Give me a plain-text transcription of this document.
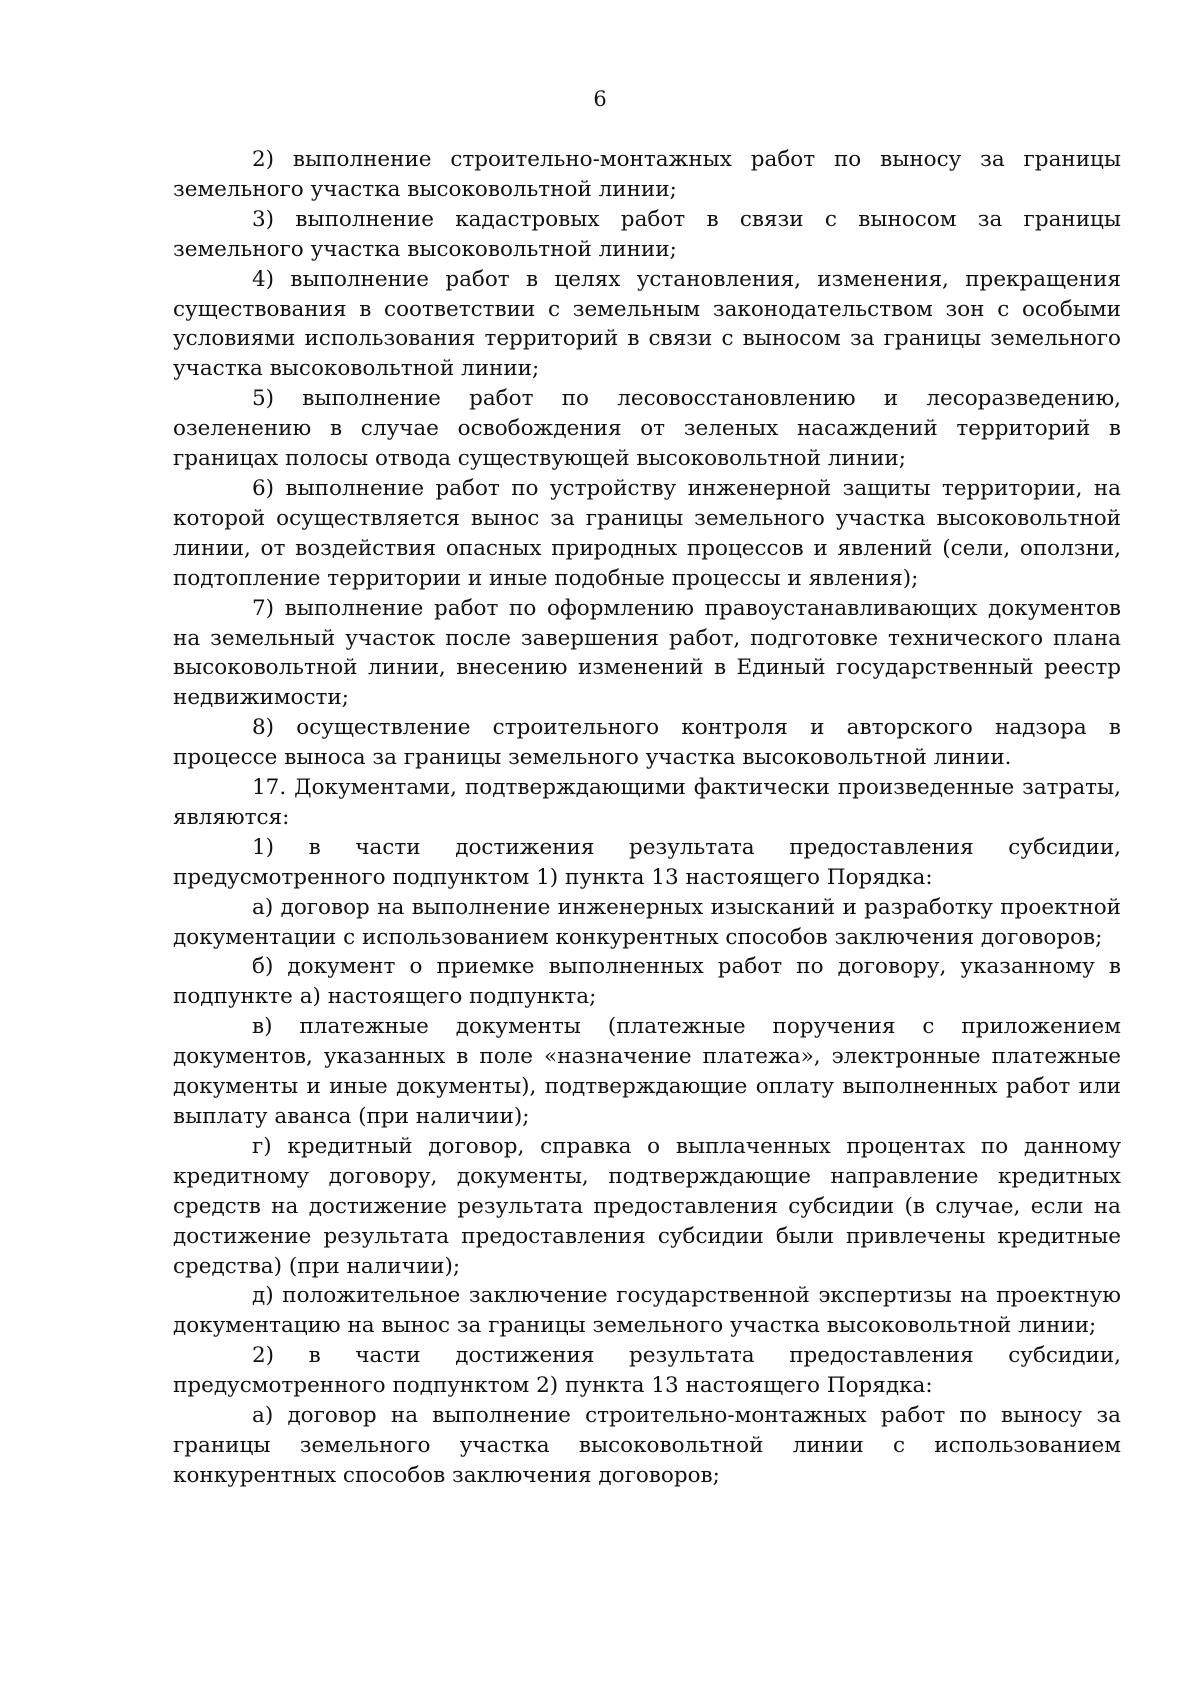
6

2) выполнение строительно-монтажных работ по выносу за границы земельного участка высоковольтной линии;

3) выполнение кадастровых работ в связи с выносом за границы земельного участка высоковольтной линии;

4) выполнение работ в целях установления, изменения, прекращения существования в соответствии с земельным законодательством зон с особыми условиями использования территорий в связи с выносом за границы земельного участка высоковольтной линии;

5) выполнение работ по лесовосстановлению и лесоразведению, озеленению в случае освобождения от зеленых насаждений территорий в границах полосы отвода существующей высоковольтной линии;

6) выполнение работ по устройству инженерной защиты территории, на которой осуществляется вынос за границы земельного участка высоковольтной линии, от воздействия опасных природных процессов и явлений (сели, оползни, подтопление территории и иные подобные процессы и явления);

7) выполнение работ по оформлению правоустанавливающих документов на земельный участок после завершения работ, подготовке технического плана высоковольтной линии, внесению изменений в Единый государственный реестр недвижимости;

8) осуществление строительного контроля и авторского надзора в процессе выноса за границы земельного участка высоковольтной линии.

17. Документами, подтверждающими фактически произведенные затраты, являются:

1) в части достижения результата предоставления субсидии, предусмотренного подпунктом 1) пункта 13 настоящего Порядка:

а) договор на выполнение инженерных изысканий и разработку проектной документации с использованием конкурентных способов заключения договоров;

б) документ о приемке выполненных работ по договору, указанному в подпункте а) настоящего подпункта;

в) платежные документы (платежные поручения с приложением документов, указанных в поле «назначение платежа», электронные платежные документы и иные документы), подтверждающие оплату выполненных работ или выплату аванса (при наличии);

г) кредитный договор, справка о выплаченных процентах по данному кредитному договору, документы, подтверждающие направление кредитных средств на достижение результата предоставления субсидии (в случае, если на достижение результата предоставления субсидии были привлечены кредитные средства) (при наличии);

д) положительное заключение государственной экспертизы на проектную документацию на вынос за границы земельного участка высоковольтной линии;

2) в части достижения результата предоставления субсидии, предусмотренного подпунктом 2) пункта 13 настоящего Порядка:

а) договор на выполнение строительно-монтажных работ по выносу за границы земельного участка высоковольтной линии с использованием конкурентных способов заключения договоров;
